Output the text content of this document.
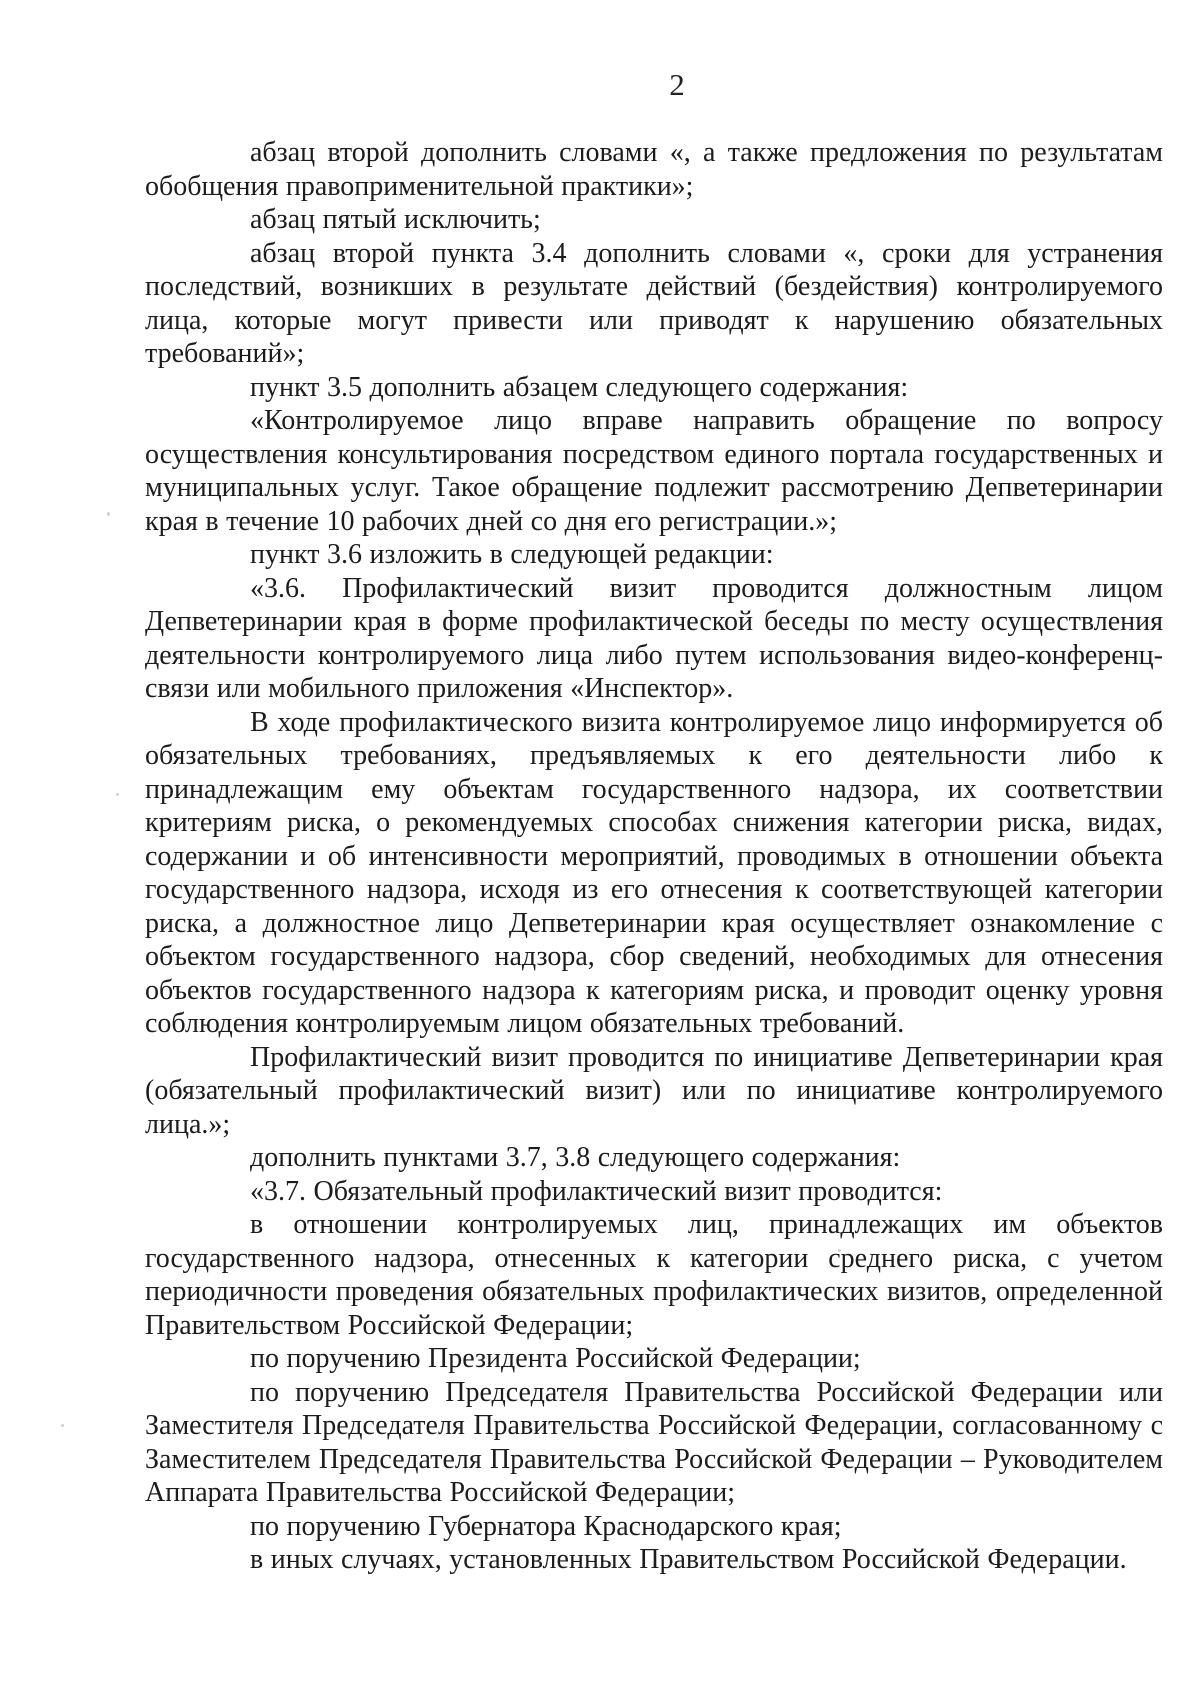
2

абзац второй дополнить словами «, а также предложения по результатам обобщения правоприменительной практики»;

абзац пятый исключить;

абзац второй пункта 3.4 дополнить словами «, сроки для устранения последствий, возникших в результате действий (бездействия) контролируемого лица, которые могут привести или приводят к нарушению обязательных требований»;

пункт 3.5 дополнить абзацем следующего содержания:

«Контролируемое лицо вправе направить обращение по вопросу осуществления консультирования посредством единого портала государственных и муниципальных услуг. Такое обращение подлежит рассмотрению Депветеринарии края в течение 10 рабочих дней со дня его регистрации.»;

пункт 3.6 изложить в следующей редакции:

«3.6. Профилактический визит проводится должностным лицом Депветеринарии края в форме профилактической беседы по месту осуществления деятельности контролируемого лица либо путем использования видео-конференц-связи или мобильного приложения «Инспектор».

В ходе профилактического визита контролируемое лицо информируется об обязательных требованиях, предъявляемых к его деятельности либо к принадлежащим ему объектам государственного надзора, их соответствии критериям риска, о рекомендуемых способах снижения категории риска, видах, содержании и об интенсивности мероприятий, проводимых в отношении объекта государственного надзора, исходя из его отнесения к соответствующей категории риска, а должностное лицо Депветеринарии края осуществляет ознакомление с объектом государственного надзора, сбор сведений, необходимых для отнесения объектов государственного надзора к категориям риска, и проводит оценку уровня соблюдения контролируемым лицом обязательных требований.

Профилактический визит проводится по инициативе Депветеринарии края (обязательный профилактический визит) или по инициативе контролируемого лица.»;

дополнить пунктами 3.7, 3.8 следующего содержания:

«3.7. Обязательный профилактический визит проводится:

в отношении контролируемых лиц, принадлежащих им объектов государственного надзора, отнесенных к категории среднего риска, с учетом периодичности проведения обязательных профилактических визитов, определенной Правительством Российской Федерации;

по поручению Президента Российской Федерации;

по поручению Председателя Правительства Российской Федерации или Заместителя Председателя Правительства Российской Федерации, согласованному с Заместителем Председателя Правительства Российской Федерации – Руководителем Аппарата Правительства Российской Федерации;

по поручению Губернатора Краснодарского края;

в иных случаях, установленных Правительством Российской Федерации.
